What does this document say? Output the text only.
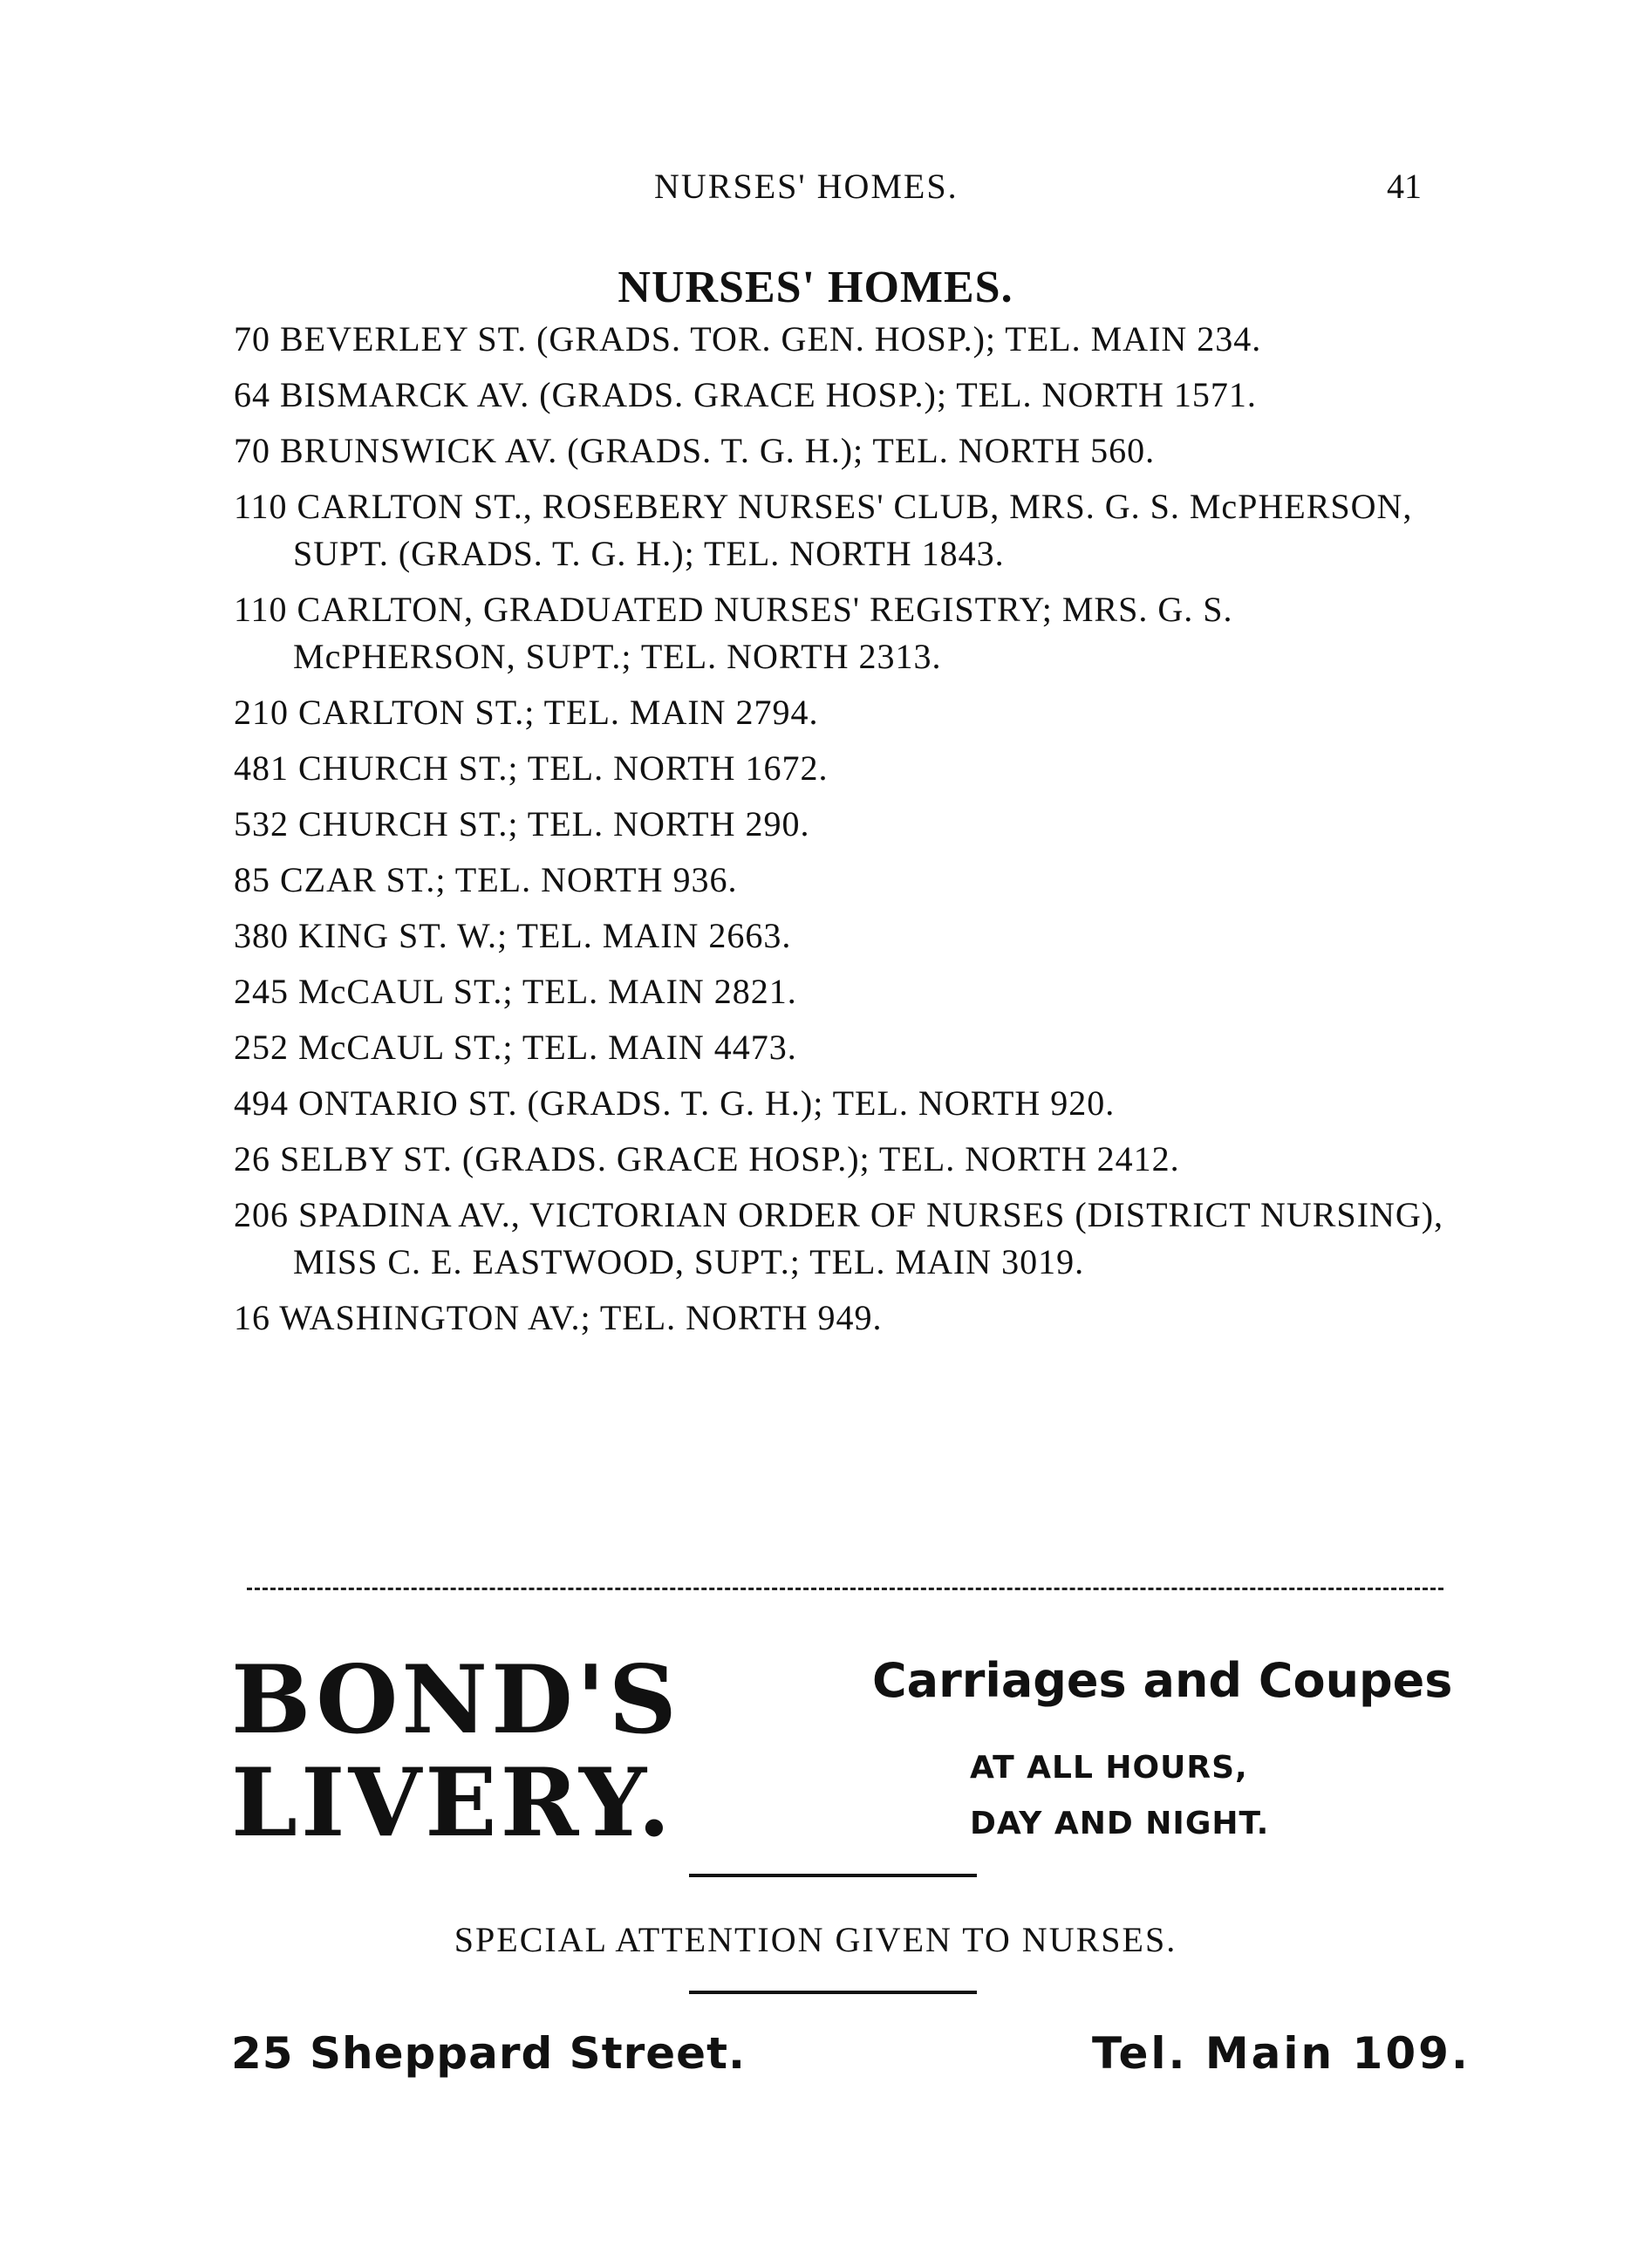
NURSES' HOMES.	41
NURSES' HOMES.
70 BEVERLEY ST. (GRADS. TOR. GEN. HOSP.); TEL. MAIN 234.
64 BISMARCK AV. (GRADS. GRACE HOSP.); TEL. NORTH 1571.
70 BRUNSWICK AV. (GRADS. T. G. H.); TEL. NORTH 560.
110 CARLTON ST., ROSEBERY NURSES' CLUB, MRS. G. S. McPHERSON, SUPT. (GRADS. T. G. H.); TEL. NORTH 1843.
110 CARLTON, GRADUATED NURSES' REGISTRY; MRS. G. S. McPHERSON, SUPT.; TEL. NORTH 2313.
210 CARLTON ST.; TEL. MAIN 2794.
481 CHURCH ST.; TEL. NORTH 1672.
532 CHURCH ST.; TEL. NORTH 290.
85 CZAR ST.; TEL. NORTH 936.
380 KING ST. W.; TEL. MAIN 2663.
245 McCAUL ST.; TEL. MAIN 2821.
252 McCAUL ST.; TEL. MAIN 4473.
494 ONTARIO ST. (GRADS. T. G. H.); TEL. NORTH 920.
26 SELBY ST. (GRADS. GRACE HOSP.); TEL. NORTH 2412.
206 SPADINA AV., VICTORIAN ORDER OF NURSES (DISTRICT NURSING), MISS C. E. EASTWOOD, SUPT.; TEL. MAIN 3019.
16 WASHINGTON AV.; TEL. NORTH 949.
BOND'S
LIVERY.
Carriages and Coupes
AT ALL HOURS,
DAY AND NIGHT.
SPECIAL ATTENTION GIVEN TO NURSES.
25 Sheppard Street.	Tel. Main 109.
